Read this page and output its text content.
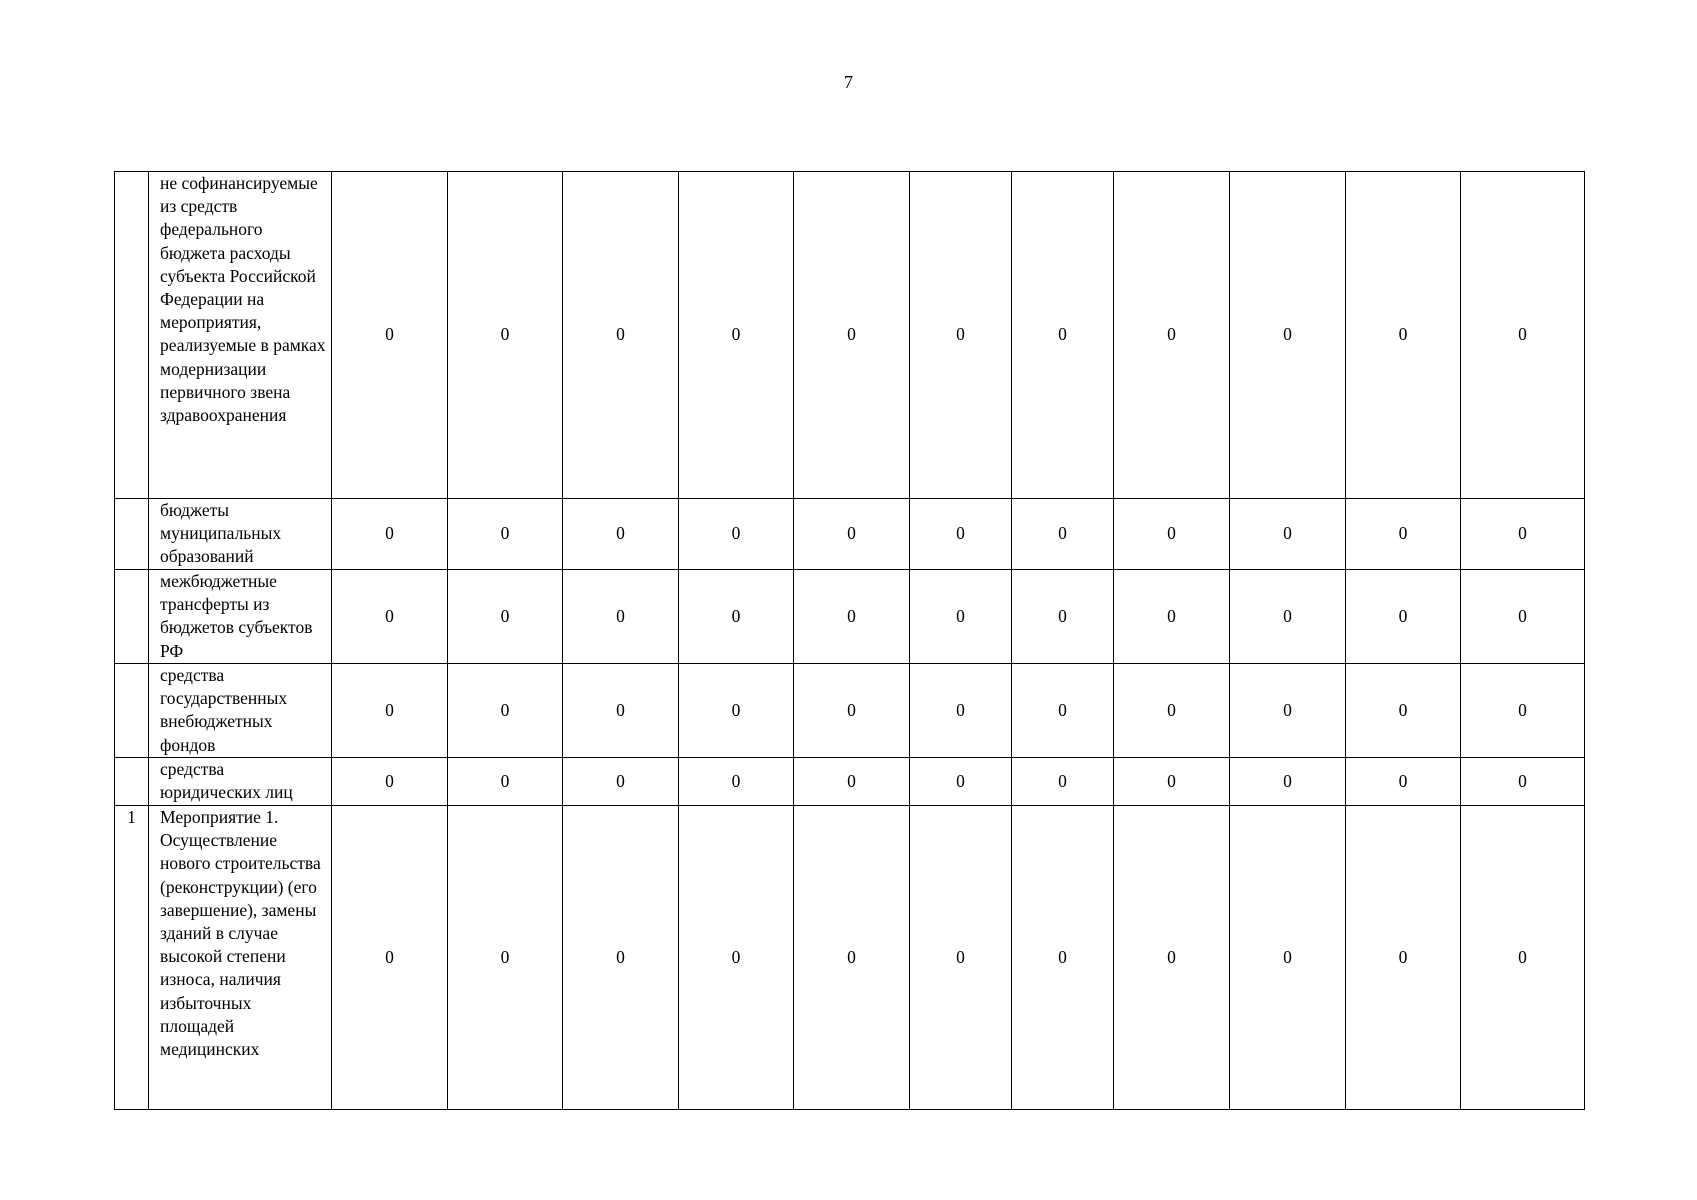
7
	не софинансируемые из средств федерального бюджета расходы субъекта Российской Федерации на мероприятия, реализуемые в рамках модернизации первичного звена здравоохранения	0	0	0	0	0	0	0	0	0	0	0
	бюджеты муниципальных образований	0	0	0	0	0	0	0	0	0	0	0
	межбюджетные трансферты из бюджетов субъектов РФ	0	0	0	0	0	0	0	0	0	0	0
	средства государственных внебюджетных фондов	0	0	0	0	0	0	0	0	0	0	0
	средства юридических лиц	0	0	0	0	0	0	0	0	0	0	0
1	Мероприятие 1. Осуществление нового строительства (реконструкции) (его завершение), замены зданий в случае высокой степени износа, наличия избыточных площадей медицинских	0	0	0	0	0	0	0	0	0	0	0
